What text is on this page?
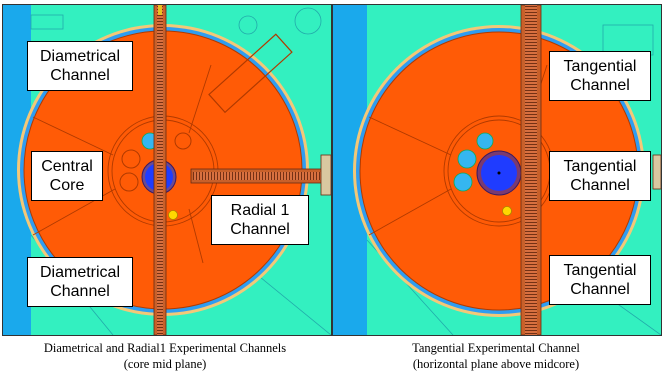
Diametrical
Channel
Central
Core
Radial 1
Channel
Diametrical
Channel
Tangential
Channel
Tangential
Channel
Tangential
Channel
Diametrical and Radial1 Experimental Channels
(core mid plane)
Tangential Experimental Channel
(horizontal plane above midcore)
